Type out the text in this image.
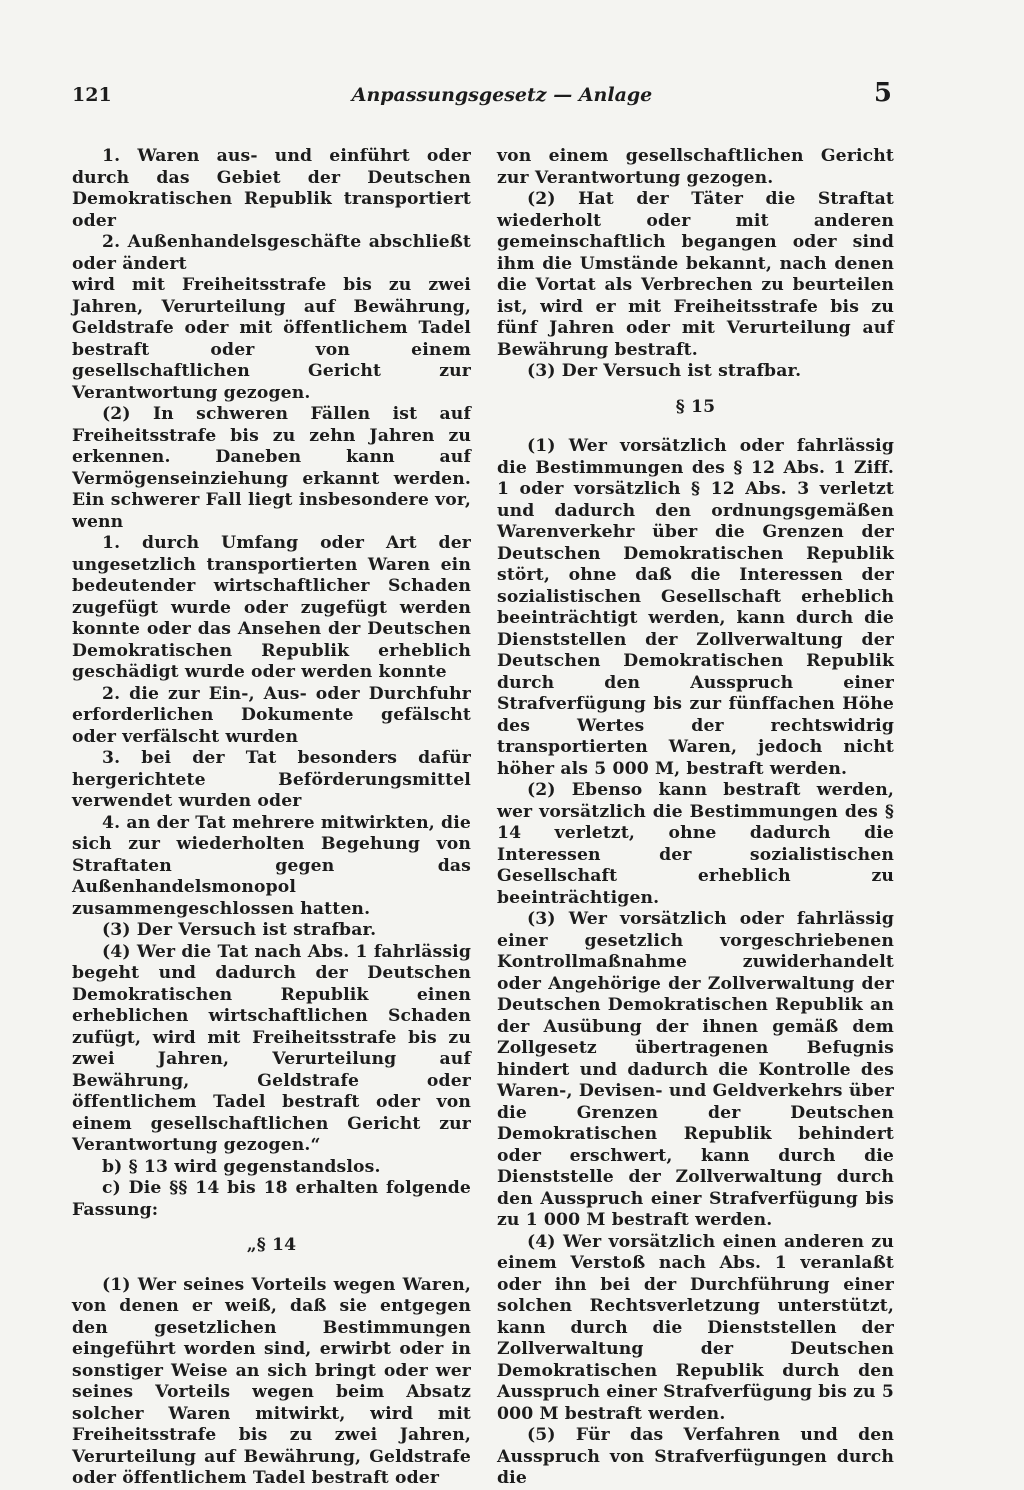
121	Anpassungsgesetz — Anlage	5

1. Waren aus- und einführt oder durch das Gebiet der Deutschen Demokratischen Republik transportiert oder

2. Außenhandelsgeschäfte abschließt oder ändert

wird mit Freiheitsstrafe bis zu zwei Jahren, Verurteilung auf Bewährung, Geldstrafe oder mit öffentlichem Tadel bestraft oder von einem gesellschaftlichen Gericht zur Verantwortung gezogen.

(2) In schweren Fällen ist auf Freiheitsstrafe bis zu zehn Jahren zu erkennen. Daneben kann auf Vermögenseinziehung erkannt werden. Ein schwerer Fall liegt insbesondere vor, wenn

1. durch Umfang oder Art der ungesetzlich transportierten Waren ein bedeutender wirtschaftlicher Schaden zugefügt wurde oder zugefügt werden konnte oder das Ansehen der Deutschen Demokratischen Republik erheblich geschädigt wurde oder werden konnte

2. die zur Ein-, Aus- oder Durchfuhr erforderlichen Dokumente gefälscht oder verfälscht wurden

3. bei der Tat besonders dafür hergerichtete Beförderungsmittel verwendet wurden oder

4. an der Tat mehrere mitwirkten, die sich zur wiederholten Begehung von Straftaten gegen das Außenhandelsmonopol zusammengeschlossen hatten.

(3) Der Versuch ist strafbar.

(4) Wer die Tat nach Abs. 1 fahrlässig begeht und dadurch der Deutschen Demokratischen Republik einen erheblichen wirtschaftlichen Schaden zufügt, wird mit Freiheitsstrafe bis zu zwei Jahren, Verurteilung auf Bewährung, Geldstrafe oder öffentlichem Tadel bestraft oder von einem gesellschaftlichen Gericht zur Verantwortung gezogen.“

b) § 13 wird gegenstandslos.

c) Die §§ 14 bis 18 erhalten folgende Fassung:

„§ 14

(1) Wer seines Vorteils wegen Waren, von denen er weiß, daß sie entgegen den gesetzlichen Bestimmungen eingeführt worden sind, erwirbt oder in sonstiger Weise an sich bringt oder wer seines Vorteils wegen beim Absatz solcher Waren mitwirkt, wird mit Freiheitsstrafe bis zu zwei Jahren, Verurteilung auf Bewährung, Geldstrafe oder öffentlichem Tadel bestraft oder

von einem gesellschaftlichen Gericht zur Verantwortung gezogen.

(2) Hat der Täter die Straftat wiederholt oder mit anderen gemeinschaftlich begangen oder sind ihm die Umstände bekannt, nach denen die Vortat als Verbrechen zu beurteilen ist, wird er mit Freiheitsstrafe bis zu fünf Jahren oder mit Verurteilung auf Bewährung bestraft.

(3) Der Versuch ist strafbar.

§ 15

(1) Wer vorsätzlich oder fahrlässig die Bestimmungen des § 12 Abs. 1 Ziff. 1 oder vorsätzlich § 12 Abs. 3 verletzt und dadurch den ordnungsgemäßen Warenverkehr über die Grenzen der Deutschen Demokratischen Republik stört, ohne daß die Interessen der sozialistischen Gesellschaft erheblich beeinträchtigt werden, kann durch die Dienststellen der Zollverwaltung der Deutschen Demokratischen Republik durch den Ausspruch einer Strafverfügung bis zur fünffachen Höhe des Wertes der rechtswidrig transportierten Waren, jedoch nicht höher als 5 000 M, bestraft werden.

(2) Ebenso kann bestraft werden, wer vorsätzlich die Bestimmungen des § 14 verletzt, ohne dadurch die Interessen der sozialistischen Gesellschaft erheblich zu beeinträchtigen.

(3) Wer vorsätzlich oder fahrlässig einer gesetzlich vorgeschriebenen Kontrollmaßnahme zuwiderhandelt oder Angehörige der Zollverwaltung der Deutschen Demokratischen Republik an der Ausübung der ihnen gemäß dem Zollgesetz übertragenen Befugnis hindert und dadurch die Kontrolle des Waren-, Devisen- und Geldverkehrs über die Grenzen der Deutschen Demokratischen Republik behindert oder erschwert, kann durch die Dienststelle der Zollverwaltung durch den Ausspruch einer Strafverfügung bis zu 1 000 M bestraft werden.

(4) Wer vorsätzlich einen anderen zu einem Verstoß nach Abs. 1 veranlaßt oder ihn bei der Durchführung einer solchen Rechtsverletzung unterstützt, kann durch die Dienststellen der Zollverwaltung der Deutschen Demokratischen Republik durch den Ausspruch einer Strafverfügung bis zu 5 000 M bestraft werden.

(5) Für das Verfahren und den Ausspruch von Strafverfügungen durch die
